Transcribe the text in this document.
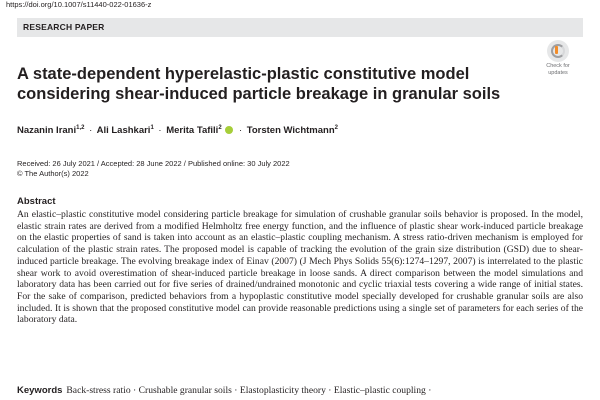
https://doi.org/10.1007/s11440-022-01636-z
RESEARCH PAPER
Check for
updates
A state-dependent hyperelastic-plastic constitutive model considering shear-induced particle breakage in granular soils
Nazanin Irani$^{1,2}$ · Ali Lashkari$^1$ · Merita Tafili$^2$ · Torsten Wichtmann$^2$
Received: 26 July 2021 / Accepted: 28 June 2022 / Published online: 30 July 2022
© The Author(s) 2022
Abstract
An elastic–plastic constitutive model considering particle breakage for simulation of crushable granular soils behavior is proposed. In the model, elastic strain rates are derived from a modified Helmholtz free energy function, and the influence of plastic shear work-induced particle breakage on the elastic properties of sand is taken into account as an elastic–plastic coupling mechanism. A stress ratio-driven mechanism is employed for calculation of the plastic strain rates. The proposed model is capable of tracking the evolution of the grain size distribution (GSD) due to shear-induced particle breakage. The evolving breakage index of Einav (2007) (J Mech Phys Solids 55(6):1274–1297, 2007) is interrelated to the plastic shear work to avoid overestimation of shear-induced particle breakage in loose sands. A direct comparison between the model simulations and laboratory data has been carried out for five series of drained/undrained monotonic and cyclic triaxial tests covering a wide range of initial states. For the sake of comparison, predicted behaviors from a hypoplastic constitutive model specially developed for crushable granular soils are also included. It is shown that the proposed constitutive model can provide reasonable predictions using a single set of parameters for each series of the laboratory data.
Keywords Back-stress ratio · Crushable granular soils · Elastoplasticity theory · Elastic–plastic coupling ·
